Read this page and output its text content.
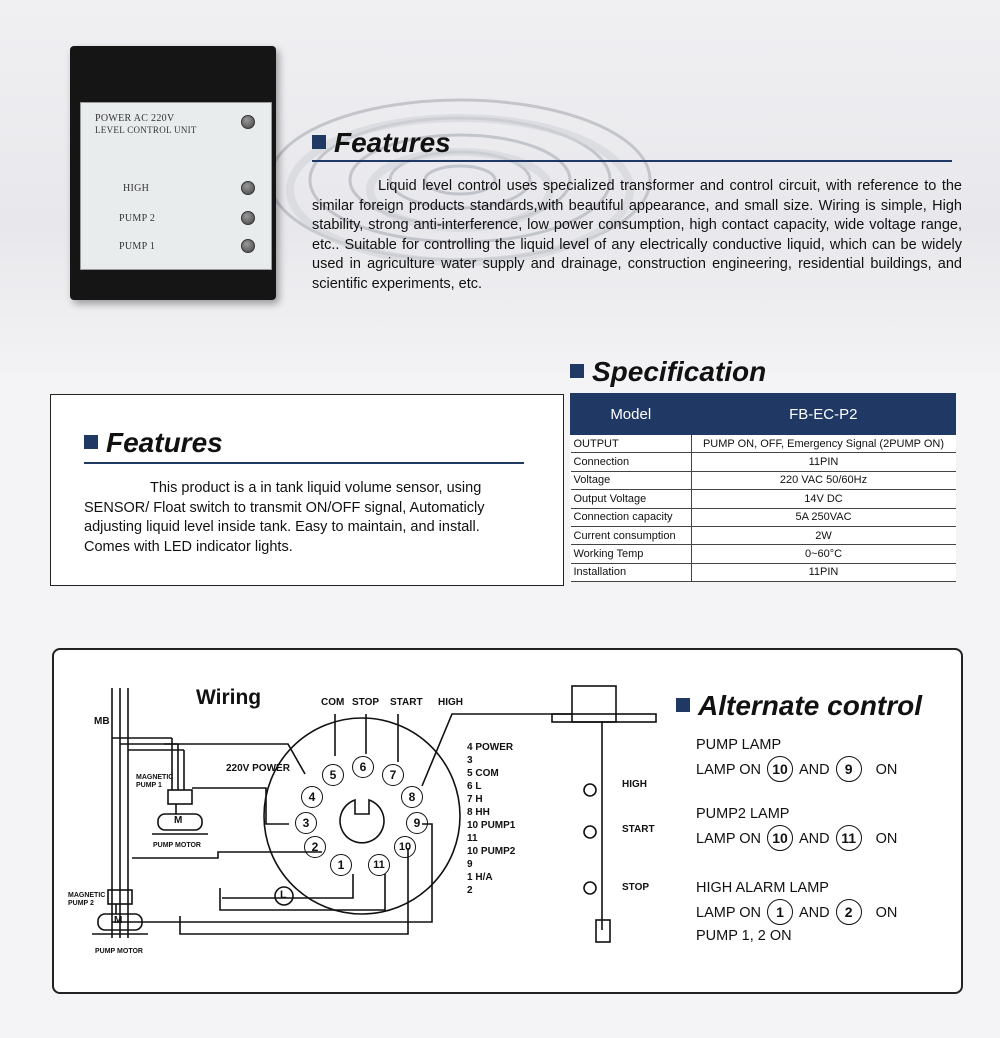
POWER AC 220V
LEVEL CONTROL UNIT
HIGH
PUMP 2
PUMP 1
Features
Liquid level control uses specialized transformer and control circuit, with reference to the similar foreign products standards,with beautiful appearance, and small size. Wiring is simple, High stability, strong anti-interference, low power consumption, high contact capacity, wide voltage range, etc.. Suitable for controlling the liquid level of any electrically conductive liquid, which can be widely used in agriculture water supply and drainage, construction engineering, residential buildings, and scientific experiments, etc.
Features
This product is a in tank liquid volume sensor, using SENSOR/ Float switch to transmit ON/OFF signal, Automaticly adjusting liquid level inside tank. Easy to maintain, and install. Comes with LED indicator lights.
Specification
Model	FB-EC-P2
OUTPUT	PUMP ON, OFF, Emergency Signal (2PUMP ON)
Connection	11PIN
Voltage	220 VAC 50/60Hz
Output Voltage	14V DC
Connection capacity	5A 250VAC
Current consumption	2W
Working Temp	0~60°C
Installation	11PIN
Wiring
MB
COM STOP START HIGH
220V POWER
MAGNETIC
PUMP 1
MAGNETIC
PUMP 2
PUMP MOTOR
PUMP MOTOR
M
M
L
1
2
3
4
5
6
7
8
9
10
11
4 POWER
3
5 COM
6 L
7 H
8 HH
10 PUMP1
11
10 PUMP2
9
1 H/A
2
HIGH
START
STOP
Alternate control
PUMP LAMP
LAMP ON 10 AND 9 ON
PUMP2 LAMP
LAMP ON 10 AND 11 ON
HIGH ALARM LAMP
LAMP ON 1 AND 2 ON
PUMP 1, 2 ON
